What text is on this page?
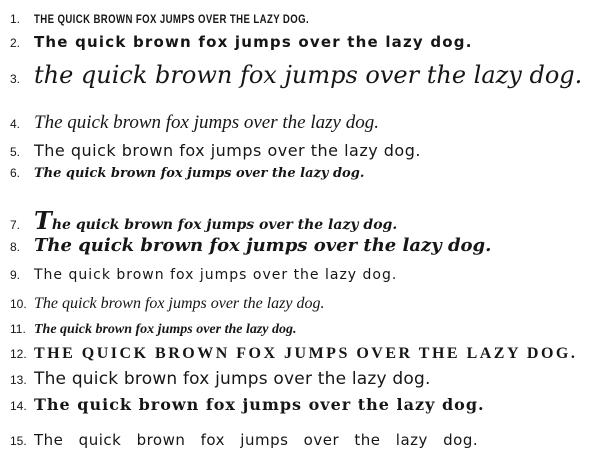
1.	THE QUICK BROWN FOX JUMPS OVER THE LAZY DOG.
2. The quick brown fox jumps over the lazy dog.
3. the quick brown fox jumps over the lazy dog.
4. The quick brown fox jumps over the lazy dog.
5. The quick brown fox jumps over the lazy dog.
6.	The quick brown fox jumps over the lazy dog.
7. The quick brown fox jumps over the lazy dog.
8. The quick brown fox jumps over the lazy dog.
9. The quick brown fox jumps over the lazy dog.
10. The quick brown fox jumps over the lazy dog.
11. The quick brown fox jumps over the lazy dog.
12. THE QUICK BROWN FOX JUMPS OVER THE LAZY DOG.
13. The quick brown fox jumps over the lazy dog.
14. The quick brown fox jumps over the lazy dog.
15. The quick brown fox jumps over the lazy dog.
